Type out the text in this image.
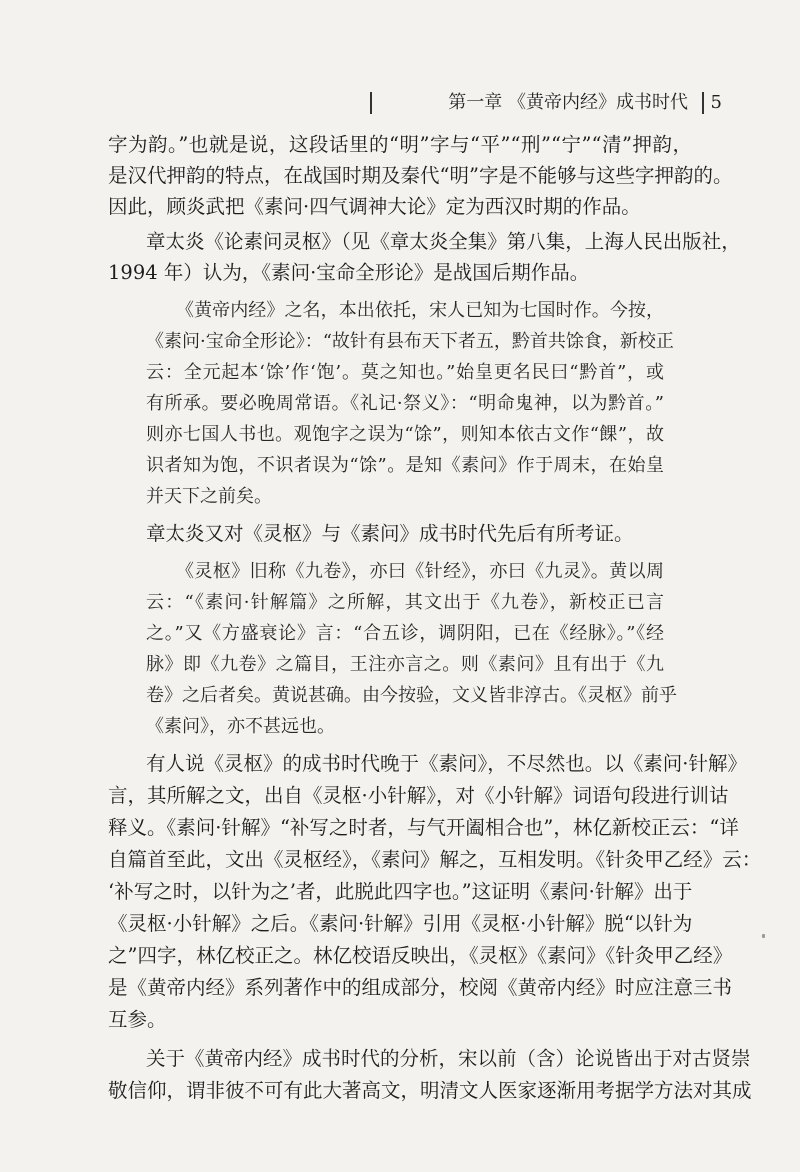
第一章 《黄帝内经》成书时代 5
字为韵。”也就是说，这段话里的“明”字与“平”“刑”“宁”“清”押韵，
是汉代押韵的特点，在战国时期及秦代“明”字是不能够与这些字押韵的。
因此，顾炎武把《素问·四气调神大论》定为西汉时期的作品。
章太炎《论素问灵枢》（见《章太炎全集》第八集，上海人民出版社，
1994 年）认为，《素问·宝命全形论》是战国后期作品。
《黄帝内经》之名，本出依托，宋人已知为七国时作。今按，
《素问·宝命全形论》：“故针有县布天下者五，黔首共馀食，新校正
云：全元起本‘馀’作‘饱’。莫之知也。”始皇更名民曰“黔首”，或
有所承。要必晚周常语。《礼记·祭义》：“明命鬼神，以为黔首。”
则亦七国人书也。观饱字之误为“馀”，则知本依古文作“餜”，故
识者知为饱，不识者误为“馀”。是知《素问》作于周末，在始皇
并天下之前矣。
章太炎又对《灵枢》与《素问》成书时代先后有所考证。
《灵枢》旧称《九卷》，亦曰《针经》，亦曰《九灵》。黄以周
云：“《素问·针解篇》之所解，其文出于《九卷》，新校正已言
之。”又《方盛衰论》言：“合五诊，调阴阳，已在《经脉》。”《经
脉》即《九卷》之篇目，王注亦言之。则《素问》且有出于《九
卷》之后者矣。黄说甚确。由今按验，文义皆非淳古。《灵枢》前乎
《素问》，亦不甚远也。
有人说《灵枢》的成书时代晚于《素问》，不尽然也。以《素问·针解》
言，其所解之文，出自《灵枢·小针解》，对《小针解》词语句段进行训诂
释义。《素问·针解》“补写之时者，与气开阖相合也”，林亿新校正云：“详
自篇首至此，文出《灵枢经》，《素问》解之，互相发明。《针灸甲乙经》云：
‘补写之时，以针为之’者，此脱此四字也。”这证明《素问·针解》出于
《灵枢·小针解》之后。《素问·针解》引用《灵枢·小针解》脱“以针为
之”四字，林亿校正之。林亿校语反映出，《灵枢》《素问》《针灸甲乙经》
是《黄帝内经》系列著作中的组成部分，校阅《黄帝内经》时应注意三书
互参。
关于《黄帝内经》成书时代的分析，宋以前（含）论说皆出于对古贤崇
敬信仰，谓非彼不可有此大著高文，明清文人医家逐渐用考据学方法对其成
